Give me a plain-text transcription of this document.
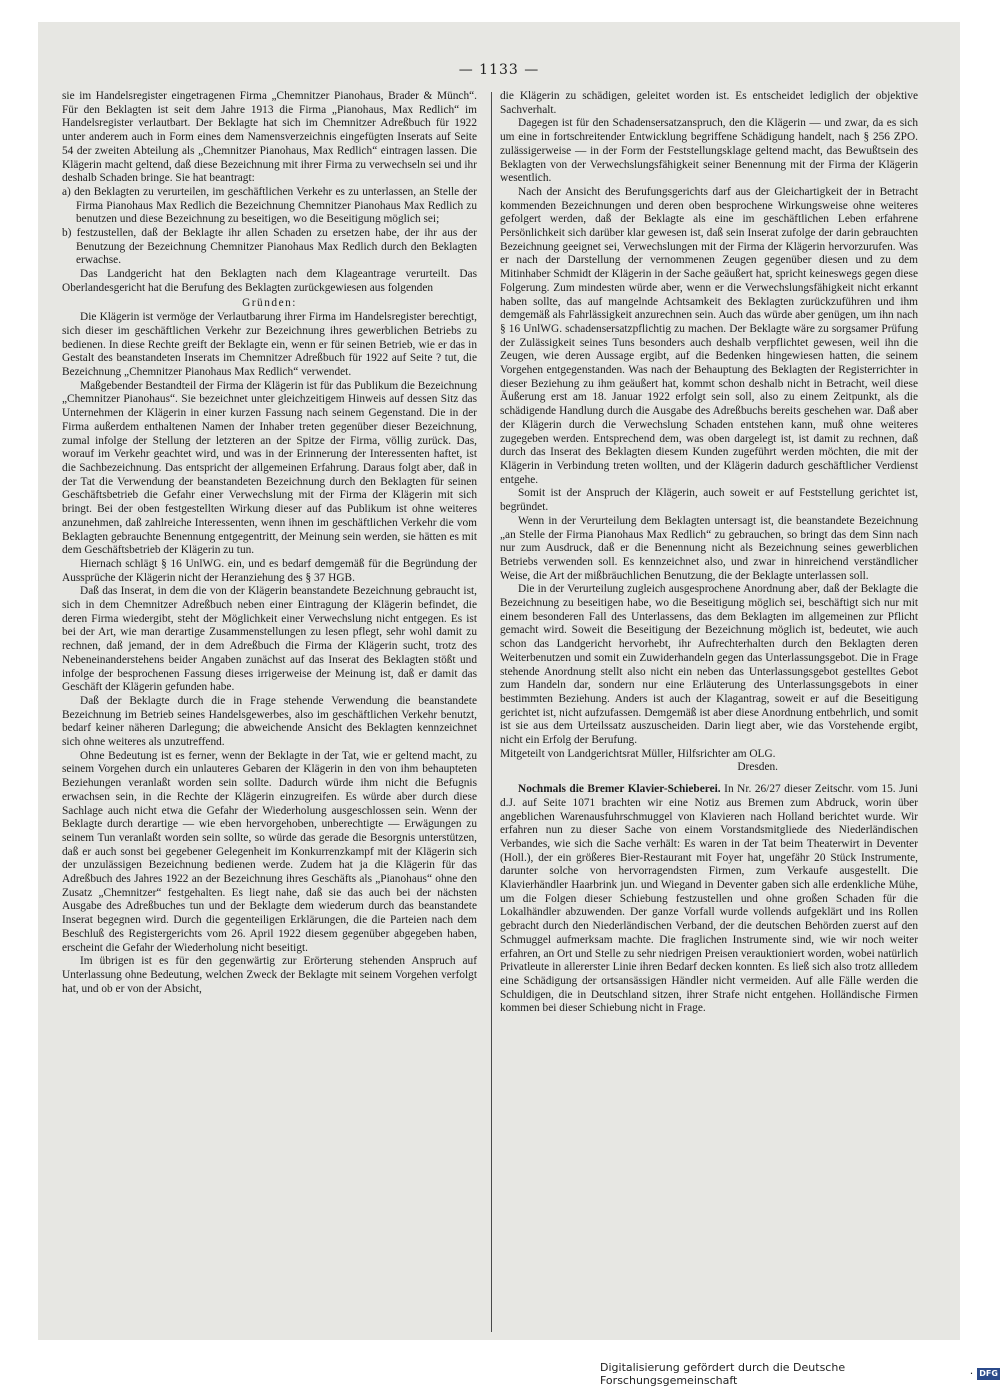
— 1133 —

sie im Handelsregister eingetragenen Firma „Chemnitzer Pianohaus, Brader & Münch“. Für den Beklagten ist seit dem Jahre 1913 die Firma „Pianohaus, Max Redlich“ im Handelsregister verlautbart. Der Beklagte hat sich im Chemnitzer Adreßbuch für 1922 unter anderem auch in Form eines dem Namensverzeichnis eingefügten Inserats auf Seite 54 der zweiten Abteilung als „Chemnitzer Pianohaus, Max Redlich“ eintragen lassen. Die Klägerin macht geltend, daß diese Bezeichnung mit ihrer Firma zu verwechseln sei und ihr deshalb Schaden bringe. Sie hat beantragt:

a) den Beklagten zu verurteilen, im geschäftlichen Verkehr es zu unterlassen, an Stelle der Firma Pianohaus Max Redlich die Bezeichnung Chemnitzer Pianohaus Max Redlich zu benutzen und diese Bezeichnung zu beseitigen, wo die Beseitigung möglich sei;

b) festzustellen, daß der Beklagte ihr allen Schaden zu ersetzen habe, der ihr aus der Benutzung der Bezeichnung Chemnitzer Pianohaus Max Redlich durch den Beklagten erwachse.

Das Landgericht hat den Beklagten nach dem Klageantrage verurteilt. Das Oberlandesgericht hat die Berufung des Beklagten zurückgewiesen aus folgenden

Gründen:

Die Klägerin ist vermöge der Verlautbarung ihrer Firma im Handelsregister berechtigt, sich dieser im geschäftlichen Verkehr zur Bezeichnung ihres gewerblichen Betriebs zu bedienen. In diese Rechte greift der Beklagte ein, wenn er für seinen Betrieb, wie er das in Gestalt des beanstandeten Inserats im Chemnitzer Adreßbuch für 1922 auf Seite ? tut, die Bezeichnung „Chemnitzer Pianohaus Max Redlich“ verwendet.

Maßgebender Bestandteil der Firma der Klägerin ist für das Publikum die Bezeichnung „Chemnitzer Pianohaus“. Sie bezeichnet unter gleichzeitigem Hinweis auf dessen Sitz das Unternehmen der Klägerin in einer kurzen Fassung nach seinem Gegenstand. Die in der Firma außerdem enthaltenen Namen der Inhaber treten gegenüber dieser Bezeichnung, zumal infolge der Stellung der letzteren an der Spitze der Firma, völlig zurück. Das, worauf im Verkehr geachtet wird, und was in der Erinnerung der Interessenten haftet, ist die Sachbezeichnung. Das entspricht der allgemeinen Erfahrung. Daraus folgt aber, daß in der Tat die Verwendung der beanstandeten Bezeichnung durch den Beklagten für seinen Geschäftsbetrieb die Gefahr einer Verwechslung mit der Firma der Klägerin mit sich bringt. Bei der oben festgestellten Wirkung dieser auf das Publikum ist ohne weiteres anzunehmen, daß zahlreiche Interessenten, wenn ihnen im geschäftlichen Verkehr die vom Beklagten gebrauchte Benennung entgegentritt, der Meinung sein werden, sie hätten es mit dem Geschäftsbetrieb der Klägerin zu tun.

Hiernach schlägt § 16 UnlWG. ein, und es bedarf demgemäß für die Begründung der Aussprüche der Klägerin nicht der Heranziehung des § 37 HGB.

Daß das Inserat, in dem die von der Klägerin beanstandete Bezeichnung gebraucht ist, sich in dem Chemnitzer Adreßbuch neben einer Eintragung der Klägerin befindet, die deren Firma wiedergibt, steht der Möglichkeit einer Verwechslung nicht entgegen. Es ist bei der Art, wie man derartige Zusammenstellungen zu lesen pflegt, sehr wohl damit zu rechnen, daß jemand, der in dem Adreßbuch die Firma der Klägerin sucht, trotz des Nebeneinanderstehens beider Angaben zunächst auf das Inserat des Beklagten stößt und infolge der besprochenen Fassung dieses irrigerweise der Meinung ist, daß er damit das Geschäft der Klägerin gefunden habe.

Daß der Beklagte durch die in Frage stehende Verwendung die beanstandete Bezeichnung im Betrieb seines Handelsgewerbes, also im geschäftlichen Verkehr benutzt, bedarf keiner näheren Darlegung; die abweichende Ansicht des Beklagten kennzeichnet sich ohne weiteres als unzutreffend.

Ohne Bedeutung ist es ferner, wenn der Beklagte in der Tat, wie er geltend macht, zu seinem Vorgehen durch ein unlauteres Gebaren der Klägerin in den von ihm behaupteten Beziehungen veranlaßt worden sein sollte. Dadurch würde ihm nicht die Befugnis erwachsen sein, in die Rechte der Klägerin einzugreifen. Es würde aber durch diese Sachlage auch nicht etwa die Gefahr der Wiederholung ausgeschlossen sein. Wenn der Beklagte durch derartige — wie eben hervorgehoben, unberechtigte — Erwägungen zu seinem Tun veranlaßt worden sein sollte, so würde das gerade die Besorgnis unterstützen, daß er auch sonst bei gegebener Gelegenheit im Konkurrenzkampf mit der Klägerin sich der unzulässigen Bezeichnung bedienen werde. Zudem hat ja die Klägerin für das Adreßbuch des Jahres 1922 an der Bezeichnung ihres Geschäfts als „Pianohaus“ ohne den Zusatz „Chemnitzer“ festgehalten. Es liegt nahe, daß sie das auch bei der nächsten Ausgabe des Adreßbuches tun und der Beklagte dem wiederum durch das beanstandete Inserat begegnen wird. Durch die gegenteiligen Erklärungen, die die Parteien nach dem Beschluß des Registergerichts vom 26. April 1922 diesem gegenüber abgegeben haben, erscheint die Gefahr der Wiederholung nicht beseitigt.

Im übrigen ist es für den gegenwärtig zur Erörterung stehenden Anspruch auf Unterlassung ohne Bedeutung, welchen Zweck der Beklagte mit seinem Vorgehen verfolgt hat, und ob er von der Absicht,

die Klägerin zu schädigen, geleitet worden ist. Es entscheidet lediglich der objektive Sachverhalt.

Dagegen ist für den Schadensersatzanspruch, den die Klägerin — und zwar, da es sich um eine in fortschreitender Entwicklung begriffene Schädigung handelt, nach § 256 ZPO. zulässigerweise — in der Form der Feststellungsklage geltend macht, das Bewußtsein des Beklagten von der Verwechslungsfähigkeit seiner Benennung mit der Firma der Klägerin wesentlich.

Nach der Ansicht des Berufungsgerichts darf aus der Gleichartigkeit der in Betracht kommenden Bezeichnungen und deren oben besprochene Wirkungsweise ohne weiteres gefolgert werden, daß der Beklagte als eine im geschäftlichen Leben erfahrene Persönlichkeit sich darüber klar gewesen ist, daß sein Inserat zufolge der darin gebrauchten Bezeichnung geeignet sei, Verwechslungen mit der Firma der Klägerin hervorzurufen. Was er nach der Darstellung der vernommenen Zeugen gegenüber diesen und zu dem Mitinhaber Schmidt der Klägerin in der Sache geäußert hat, spricht keineswegs gegen diese Folgerung. Zum mindesten würde aber, wenn er die Verwechslungsfähigkeit nicht erkannt haben sollte, das auf mangelnde Achtsamkeit des Beklagten zurückzuführen und ihm demgemäß als Fahrlässigkeit anzurechnen sein. Auch das würde aber genügen, um ihn nach § 16 UnlWG. schadensersatzpflichtig zu machen. Der Beklagte wäre zu sorgsamer Prüfung der Zulässigkeit seines Tuns besonders auch deshalb verpflichtet gewesen, weil ihn die Zeugen, wie deren Aussage ergibt, auf die Bedenken hingewiesen hatten, die seinem Vorgehen entgegenstanden. Was nach der Behauptung des Beklagten der Registerrichter in dieser Beziehung zu ihm geäußert hat, kommt schon deshalb nicht in Betracht, weil diese Äußerung erst am 18. Januar 1922 erfolgt sein soll, also zu einem Zeitpunkt, als die schädigende Handlung durch die Ausgabe des Adreßbuchs bereits geschehen war. Daß aber der Klägerin durch die Verwechslung Schaden entstehen kann, muß ohne weiteres zugegeben werden. Entsprechend dem, was oben dargelegt ist, ist damit zu rechnen, daß durch das Inserat des Beklagten diesem Kunden zugeführt werden möchten, die mit der Klägerin in Verbindung treten wollten, und der Klägerin dadurch geschäftlicher Verdienst entgehe.

Somit ist der Anspruch der Klägerin, auch soweit er auf Feststellung gerichtet ist, begründet.

Wenn in der Verurteilung dem Beklagten untersagt ist, die beanstandete Bezeichnung „an Stelle der Firma Pianohaus Max Redlich“ zu gebrauchen, so bringt das dem Sinn nach nur zum Ausdruck, daß er die Benennung nicht als Bezeichnung seines gewerblichen Betriebs verwenden soll. Es kennzeichnet also, und zwar in hinreichend verständlicher Weise, die Art der mißbräuchlichen Benutzung, die der Beklagte unterlassen soll.

Die in der Verurteilung zugleich ausgesprochene Anordnung aber, daß der Beklagte die Bezeichnung zu beseitigen habe, wo die Beseitigung möglich sei, beschäftigt sich nur mit einem besonderen Fall des Unterlassens, das dem Beklagten im allgemeinen zur Pflicht gemacht wird. Soweit die Beseitigung der Bezeichnung möglich ist, bedeutet, wie auch schon das Landgericht hervorhebt, ihr Aufrechterhalten durch den Beklagten deren Weiterbenutzen und somit ein Zuwiderhandeln gegen das Unterlassungsgebot. Die in Frage stehende Anordnung stellt also nicht ein neben das Unterlassungsgebot gestelltes Gebot zum Handeln dar, sondern nur eine Erläuterung des Unterlassungsgebots in einer bestimmten Beziehung. Anders ist auch der Klagantrag, soweit er auf die Beseitigung gerichtet ist, nicht aufzufassen. Demgemäß ist aber diese Anordnung entbehrlich, und somit ist sie aus dem Urteilssatz auszuscheiden. Darin liegt aber, wie das Vorstehende ergibt, nicht ein Erfolg der Berufung.

Mitgeteilt von Landgerichtsrat Müller, Hilfsrichter am OLG.

Dresden.

Nochmals die Bremer Klavier-Schieberei. In Nr. 26/27 dieser Zeitschr. vom 15. Juni d.J. auf Seite 1071 brachten wir eine Notiz aus Bremen zum Abdruck, worin über angeblichen Warenausfuhrschmuggel von Klavieren nach Holland berichtet wurde. Wir erfahren nun zu dieser Sache von einem Vorstandsmitgliede des Niederländischen Verbandes, wie sich die Sache verhält: Es waren in der Tat beim Theaterwirt in Deventer (Holl.), der ein größeres Bier-Restaurant mit Foyer hat, ungefähr 20 Stück Instrumente, darunter solche von hervorragendsten Firmen, zum Verkaufe ausgestellt. Die Klavierhändler Haarbrink jun. und Wiegand in Deventer gaben sich alle erdenkliche Mühe, um die Folgen dieser Schiebung festzustellen und ohne großen Schaden für die Lokalhändler abzuwenden. Der ganze Vorfall wurde vollends aufgeklärt und ins Rollen gebracht durch den Niederländischen Verband, der die deutschen Behörden zuerst auf den Schmuggel aufmerksam machte. Die fraglichen Instrumente sind, wie wir noch weiter erfahren, an Ort und Stelle zu sehr niedrigen Preisen verauktioniert worden, wobei natürlich Privatleute in allererster Linie ihren Bedarf decken konnten. Es ließ sich also trotz allledem eine Schädigung der ortsansässigen Händler nicht vermeiden. Auf alle Fälle werden die Schuldigen, die in Deutschland sitzen, ihrer Strafe nicht entgehen. Holländische Firmen kommen bei dieser Schiebung nicht in Frage.

Digitalisierung gefördert durch die Deutsche Forschungsgemeinschaft	· DFG
